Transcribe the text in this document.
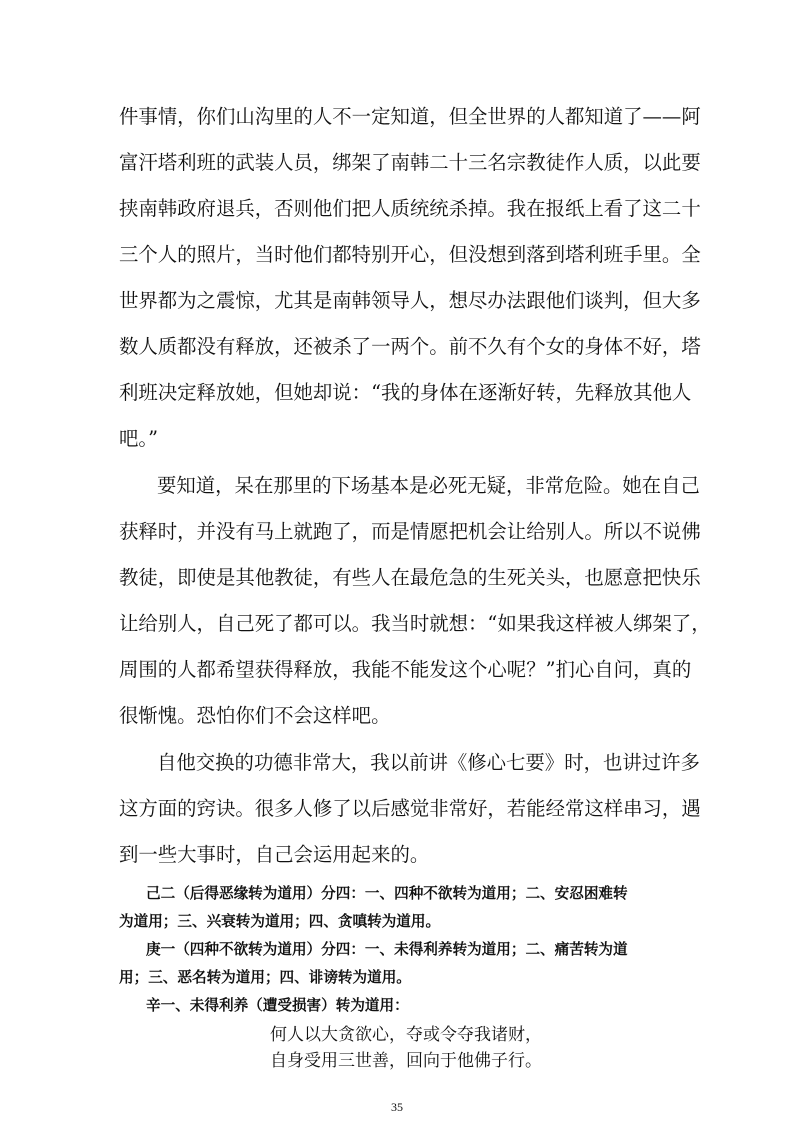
件事情，你们山沟里的人不一定知道，但全世界的人都知道了——阿
富汗塔利班的武装人员，绑架了南韩二十三名宗教徒作人质，以此要
挟南韩政府退兵，否则他们把人质统统杀掉。我在报纸上看了这二十
三个人的照片，当时他们都特别开心，但没想到落到塔利班手里。全
世界都为之震惊，尤其是南韩领导人，想尽办法跟他们谈判，但大多
数人质都没有释放，还被杀了一两个。前不久有个女的身体不好，塔
利班决定释放她，但她却说：“我的身体在逐渐好转，先释放其他人
吧。”
要知道，呆在那里的下场基本是必死无疑，非常危险。她在自己
获释时，并没有马上就跑了，而是情愿把机会让给别人。所以不说佛
教徒，即使是其他教徒，有些人在最危急的生死关头，也愿意把快乐
让给别人，自己死了都可以。我当时就想：“如果我这样被人绑架了，
周围的人都希望获得释放，我能不能发这个心呢？”扪心自问，真的
很惭愧。恐怕你们不会这样吧。
自他交换的功德非常大，我以前讲《修心七要》时，也讲过许多
这方面的窍诀。很多人修了以后感觉非常好，若能经常这样串习，遇
到一些大事时，自己会运用起来的。
己二（后得恶缘转为道用）分四：一、四种不欲转为道用；二、安忍困难转
为道用；三、兴衰转为道用；四、贪嗔转为道用。
庚一（四种不欲转为道用）分四：一、未得利养转为道用；二、痛苦转为道
用；三、恶名转为道用；四、诽谤转为道用。
辛一、未得利养（遭受损害）转为道用：
何人以大贪欲心，夺或令夺我诸财，
自身受用三世善，回向于他佛子行。
35
